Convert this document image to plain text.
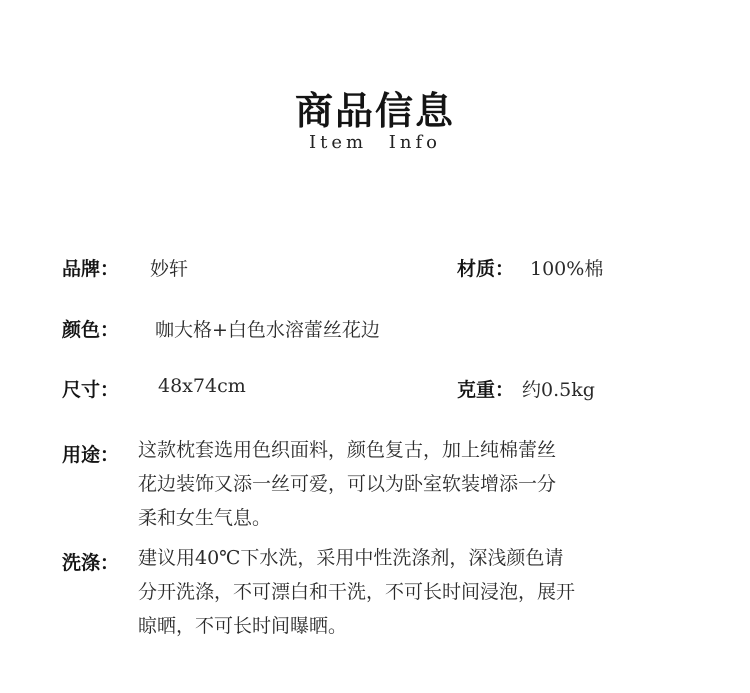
商品信息
Item Info
品牌： 妙轩	材质： 100%棉
颜色： 咖大格+白色水溶蕾丝花边
尺寸： 48x74cm	克重： 约0.5kg
用途： 这款枕套选用色织面料，颜色复古，加上纯棉蕾丝
花边装饰又添一丝可爱，可以为卧室软装增添一分
柔和女生气息。
洗涤： 建议用40℃下水洗，采用中性洗涤剂，深浅颜色请
分开洗涤，不可漂白和干洗，不可长时间浸泡，展开
晾晒，不可长时间曝晒。
